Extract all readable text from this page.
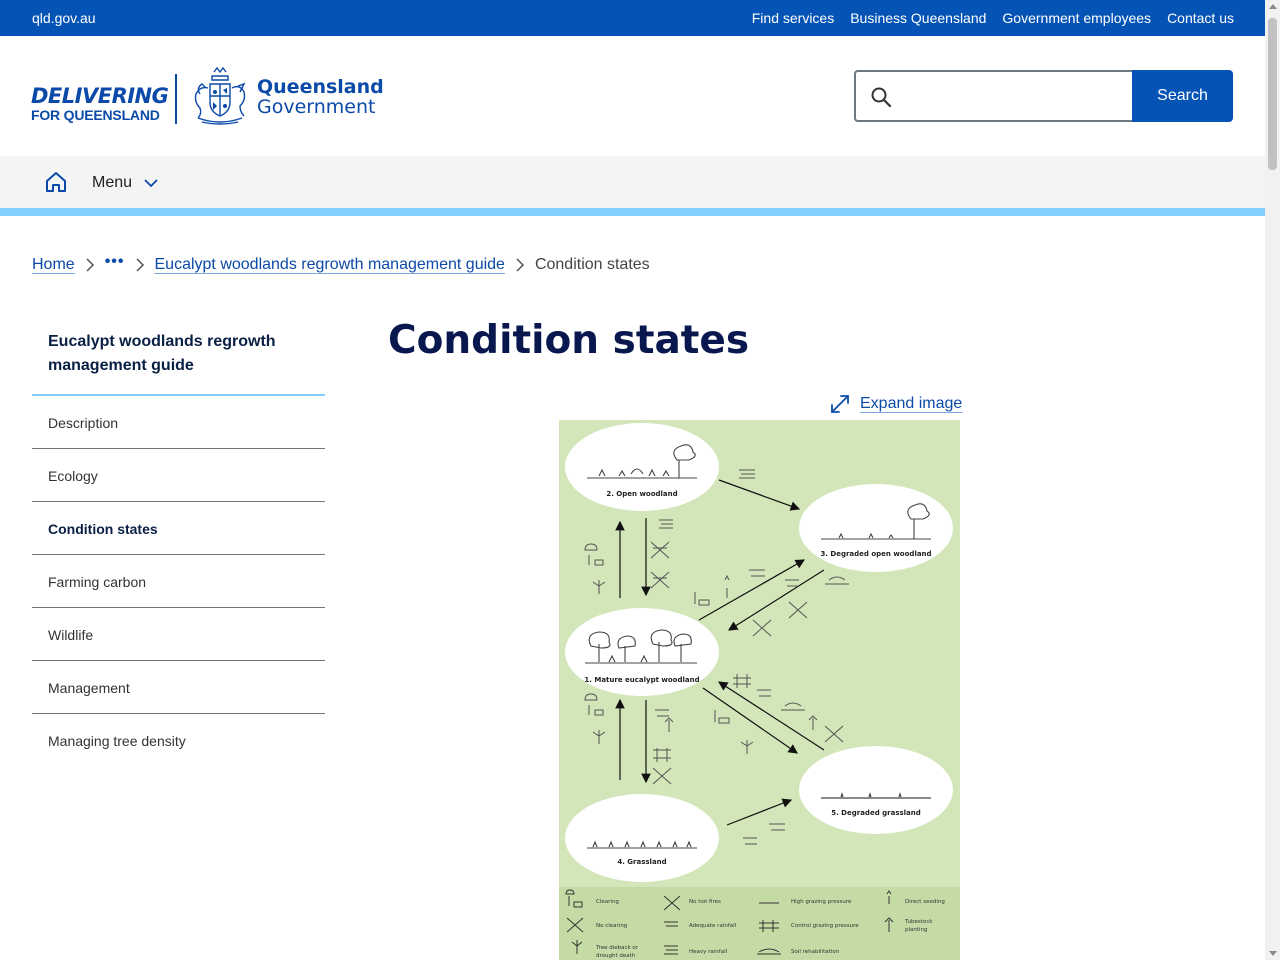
qld.gov.au	Find services Business Queensland Government employees Contact us
DELIVERING
FOR QUEENSLAND
Queensland
Government
Search
Menu
Home ••• Eucalypt woodlands regrowth management guide Condition states
Eucalypt woodlands regrowth management guide
Description
Ecology
Condition states
Farming carbon
Wildlife
Management
Managing tree density
Condition states
Expand image
2. Open woodland
3. Degraded open woodland
1. Mature eucalypt woodland
5. Degraded grassland
4. Grassland
Clearing
No clearing
Tree dieback or
drought death
No hot fires
Adequate rainfall
Heavy rainfall
High grazing pressure
Control grazing pressure
Soil rehabilitation
Direct seeding
Tubestock
planting
